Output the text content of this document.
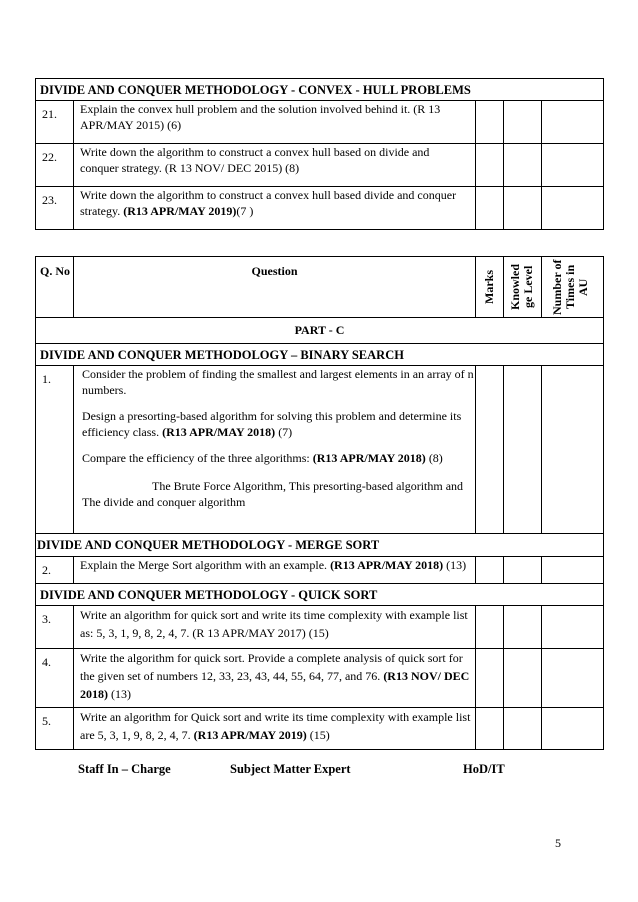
DIVIDE AND CONQUER METHODOLOGY - CONVEX - HULL PROBLEMS				
21.	Explain the convex hull problem and the solution involved behind it. (R 13 APR/MAY 2015) (6)			
22.	Write down the algorithm to construct a convex hull based on divide and conquer strategy. (R 13 NOV/ DEC 2015) (8)			
23.	Write down the algorithm to construct a convex hull based divide and conquer strategy. (R13 APR/MAY 2019)(7 )			
Q. No	Question	Marks	Knowled ge Level	Number of Times in AU

PART - C				
DIVIDE AND CONQUER METHODOLOGY – BINARY SEARCH				
1.	Consider the problem of finding the smallest and largest elements in an array of n numbers.

Design a presorting-based algorithm for solving this problem and determine its efficiency class. (R13 APR/MAY 2018) (7)

Compare the efficiency of the three algorithms: (R13 APR/MAY 2018) (8)

The Brute Force Algorithm, This presorting-based algorithm and

The divide and conquer algorithm			

DIVIDE AND CONQUER METHODOLOGY - MERGE SORT				
2.	Explain the Merge Sort algorithm with an example. (R13 APR/MAY 2018) (13)			
DIVIDE AND CONQUER METHODOLOGY - QUICK SORT				
3.	Write an algorithm for quick sort and write its time complexity with example list as: 5, 3, 1, 9, 8, 2, 4, 7. (R 13 APR/MAY 2017) (15)			
4.	Write the algorithm for quick sort. Provide a complete analysis of quick sort for the given set of numbers 12, 33, 23, 43, 44, 55, 64, 77, and 76. (R13 NOV/ DEC 2018) (13)			
5.	Write an algorithm for Quick sort and write its time complexity with example list are 5, 3, 1, 9, 8, 2, 4, 7. (R13 APR/MAY 2019) (15)			
Staff In – Charge	Subject Matter Expert	HoD/IT
5
